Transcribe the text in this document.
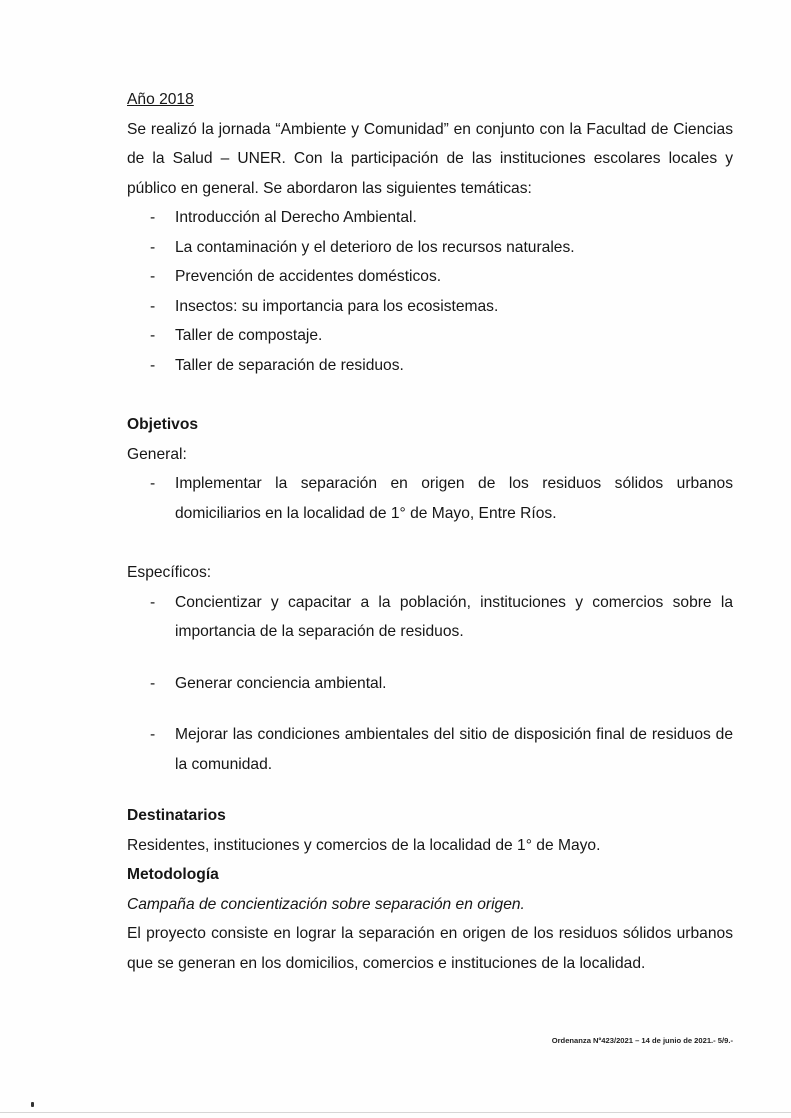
Año 2018

Se realizó la jornada “Ambiente y Comunidad” en conjunto con la Facultad de Ciencias de la Salud – UNER. Con la participación de las instituciones escolares locales y público en general. Se abordaron las siguientes temáticas:

- Introducción al Derecho Ambiental.
- La contaminación y el deterioro de los recursos naturales.
- Prevención de accidentes domésticos.
- Insectos: su importancia para los ecosistemas.
- Taller de compostaje.
- Taller de separación de residuos.
Objetivos
General:
- Implementar la separación en origen de los residuos sólidos urbanos domiciliarios en la localidad de 1° de Mayo, Entre Ríos.
Específicos:
- Concientizar y capacitar a la población, instituciones y comercios sobre la importancia de la separación de residuos.
- Generar conciencia ambiental.
- Mejorar las condiciones ambientales del sitio de disposición final de residuos de la comunidad.
Destinatarios
Residentes, instituciones y comercios de la localidad de 1° de Mayo.
Metodología
Campaña de concientización sobre separación en origen.

El proyecto consiste en lograr la separación en origen de los residuos sólidos urbanos que se generan en los domicilios, comercios e instituciones de la localidad.

Ordenanza Nº423/2021 – 14 de junio de 2021.- 5/9.-
